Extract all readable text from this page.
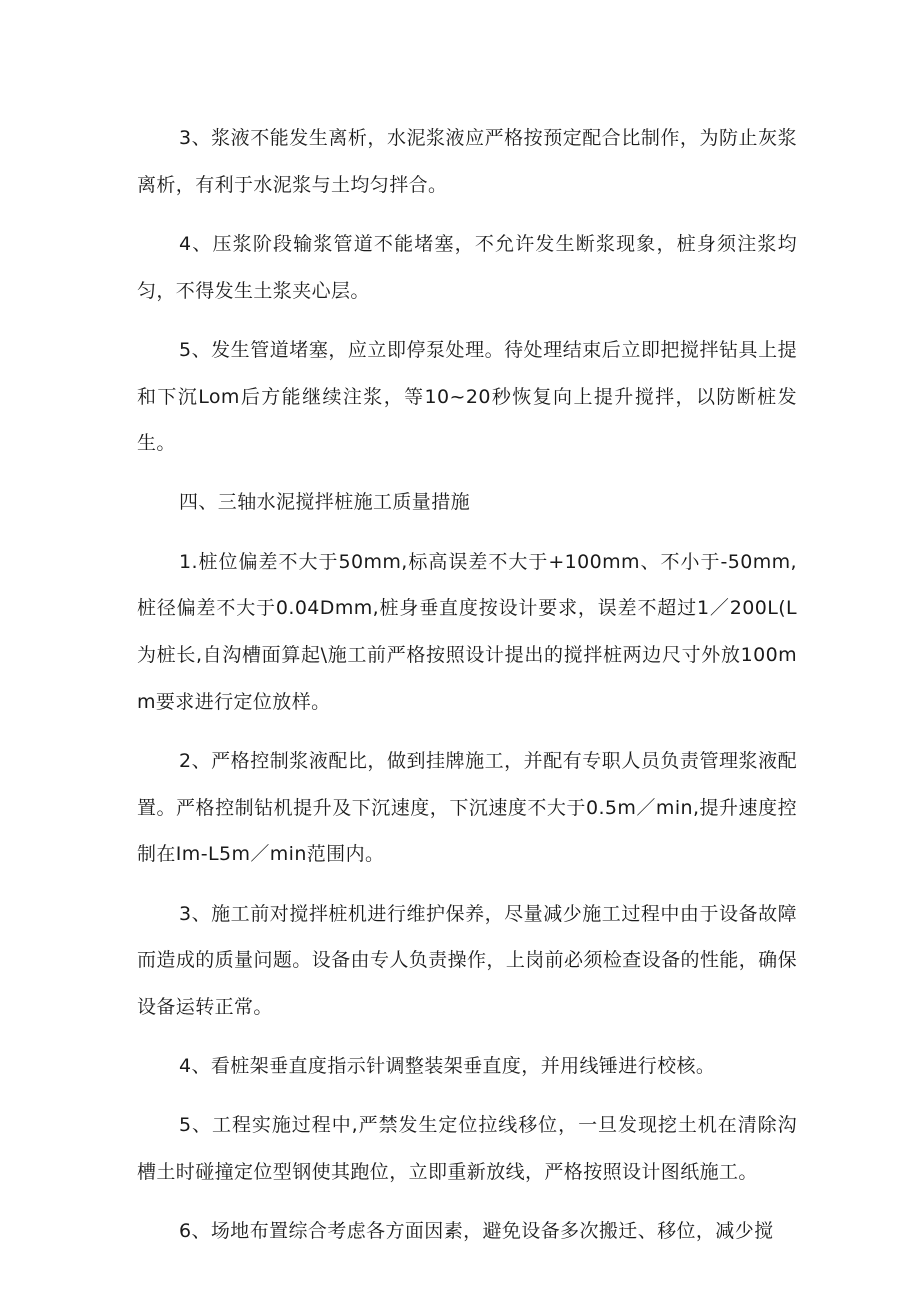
3、浆液不能发生离析，水泥浆液应严格按预定配合比制作，为防止灰浆离析，有利于水泥浆与土均匀拌合。

4、压浆阶段输浆管道不能堵塞，不允许发生断浆现象，桩身须注浆均匀，不得发生土浆夹心层。

5、发生管道堵塞，应立即停泵处理。待处理结束后立即把搅拌钻具上提和下沉Lom后方能继续注浆，等10~20秒恢复向上提升搅拌，以防断桩发生。

四、三轴水泥搅拌桩施工质量措施

1.桩位偏差不大于50mm,标高误差不大于+100mm、不小于-50mm,桩径偏差不大于0.04Dmm,桩身垂直度按设计要求，误差不超过1／200L(L为桩长,自沟槽面算起\施工前严格按照设计提出的搅拌桩两边尺寸外放100mm要求进行定位放样。

2、严格控制浆液配比，做到挂牌施工，并配有专职人员负责管理浆液配置。严格控制钻机提升及下沉速度，下沉速度不大于0.5m／min,提升速度控制在Im-L5m／min范围内。

3、施工前对搅拌桩机进行维护保养，尽量减少施工过程中由于设备故障而造成的质量问题。设备由专人负责操作，上岗前必须检查设备的性能，确保设备运转正常。

4、看桩架垂直度指示针调整装架垂直度，并用线锤进行校核。

5、工程实施过程中,严禁发生定位拉线移位，一旦发现挖土机在清除沟槽土时碰撞定位型钢使其跑位，立即重新放线，严格按照设计图纸施工。

6、场地布置综合考虑各方面因素，避免设备多次搬迁、移位，减少搅
